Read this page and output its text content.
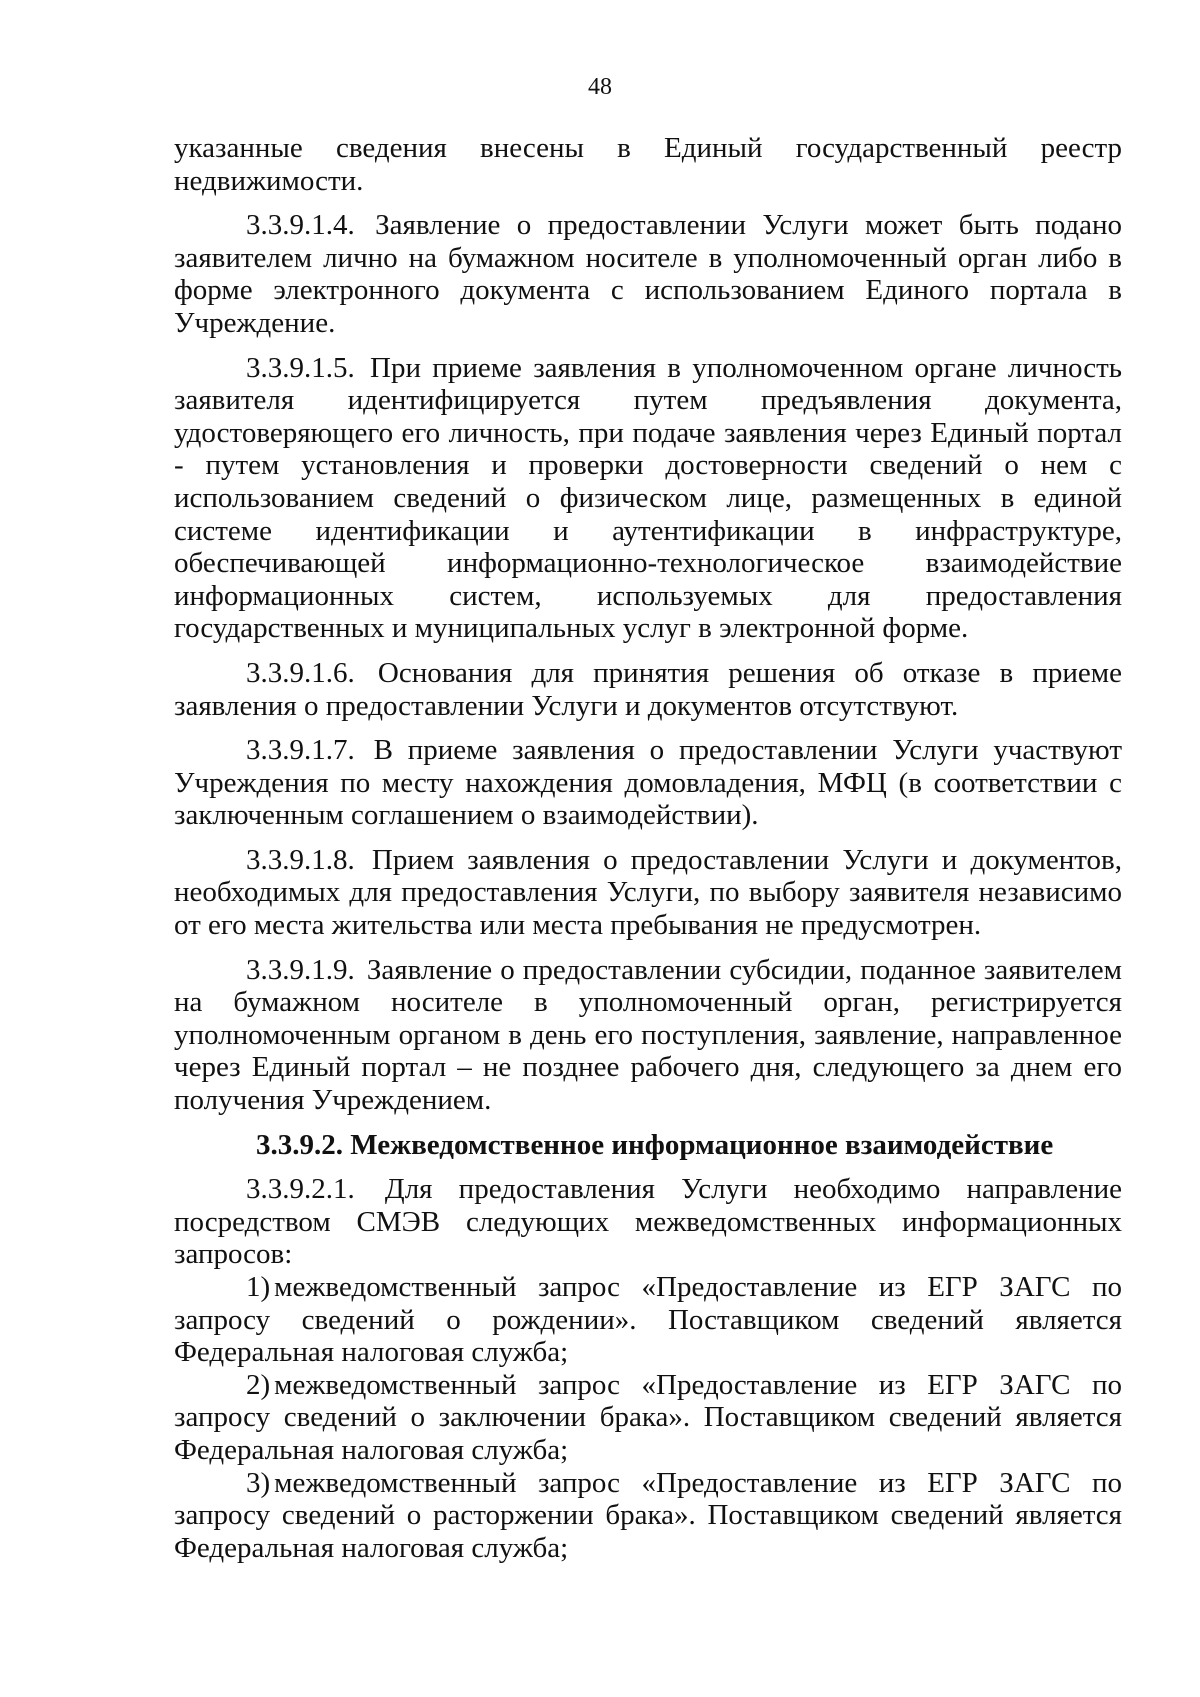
48

указанные сведения внесены в Единый государственный реестр недвижимости.

3.3.9.1.4. Заявление о предоставлении Услуги может быть подано заявителем лично на бумажном носителе в уполномоченный орган либо в форме электронного документа с использованием Единого портала в Учреждение.

3.3.9.1.5. При приеме заявления в уполномоченном органе личность заявителя идентифицируется путем предъявления документа, удостоверяющего его личность, при подаче заявления через Единый портал - путем установления и проверки достоверности сведений о нем с использованием сведений о физическом лице, размещенных в единой системе идентификации и аутентификации в инфраструктуре, обеспечивающей информационно-технологическое взаимодействие информационных систем, используемых для предоставления государственных и муниципальных услуг в электронной форме.

3.3.9.1.6. Основания для принятия решения об отказе в приеме заявления о предоставлении Услуги и документов отсутствуют.

3.3.9.1.7. В приеме заявления о предоставлении Услуги участвуют Учреждения по месту нахождения домовладения, МФЦ (в соответствии с заключенным соглашением о взаимодействии).

3.3.9.1.8. Прием заявления о предоставлении Услуги и документов, необходимых для предоставления Услуги, по выбору заявителя независимо от его места жительства или места пребывания не предусмотрен.

3.3.9.1.9. Заявление о предоставлении субсидии, поданное заявителем на бумажном носителе в уполномоченный орган, регистрируется уполномоченным органом в день его поступления, заявление, направленное через Единый портал – не позднее рабочего дня, следующего за днем его получения Учреждением.

3.3.9.2. Межведомственное информационное взаимодействие

3.3.9.2.1. Для предоставления Услуги необходимо направление посредством СМЭВ следующих межведомственных информационных запросов:

1) межведомственный запрос «Предоставление из ЕГР ЗАГС по запросу сведений о рождении». Поставщиком сведений является Федеральная налоговая служба;

2) межведомственный запрос «Предоставление из ЕГР ЗАГС по запросу сведений о заключении брака». Поставщиком сведений является Федеральная налоговая служба;

3) межведомственный запрос «Предоставление из ЕГР ЗАГС по запросу сведений о расторжении брака». Поставщиком сведений является Федеральная налоговая служба;
